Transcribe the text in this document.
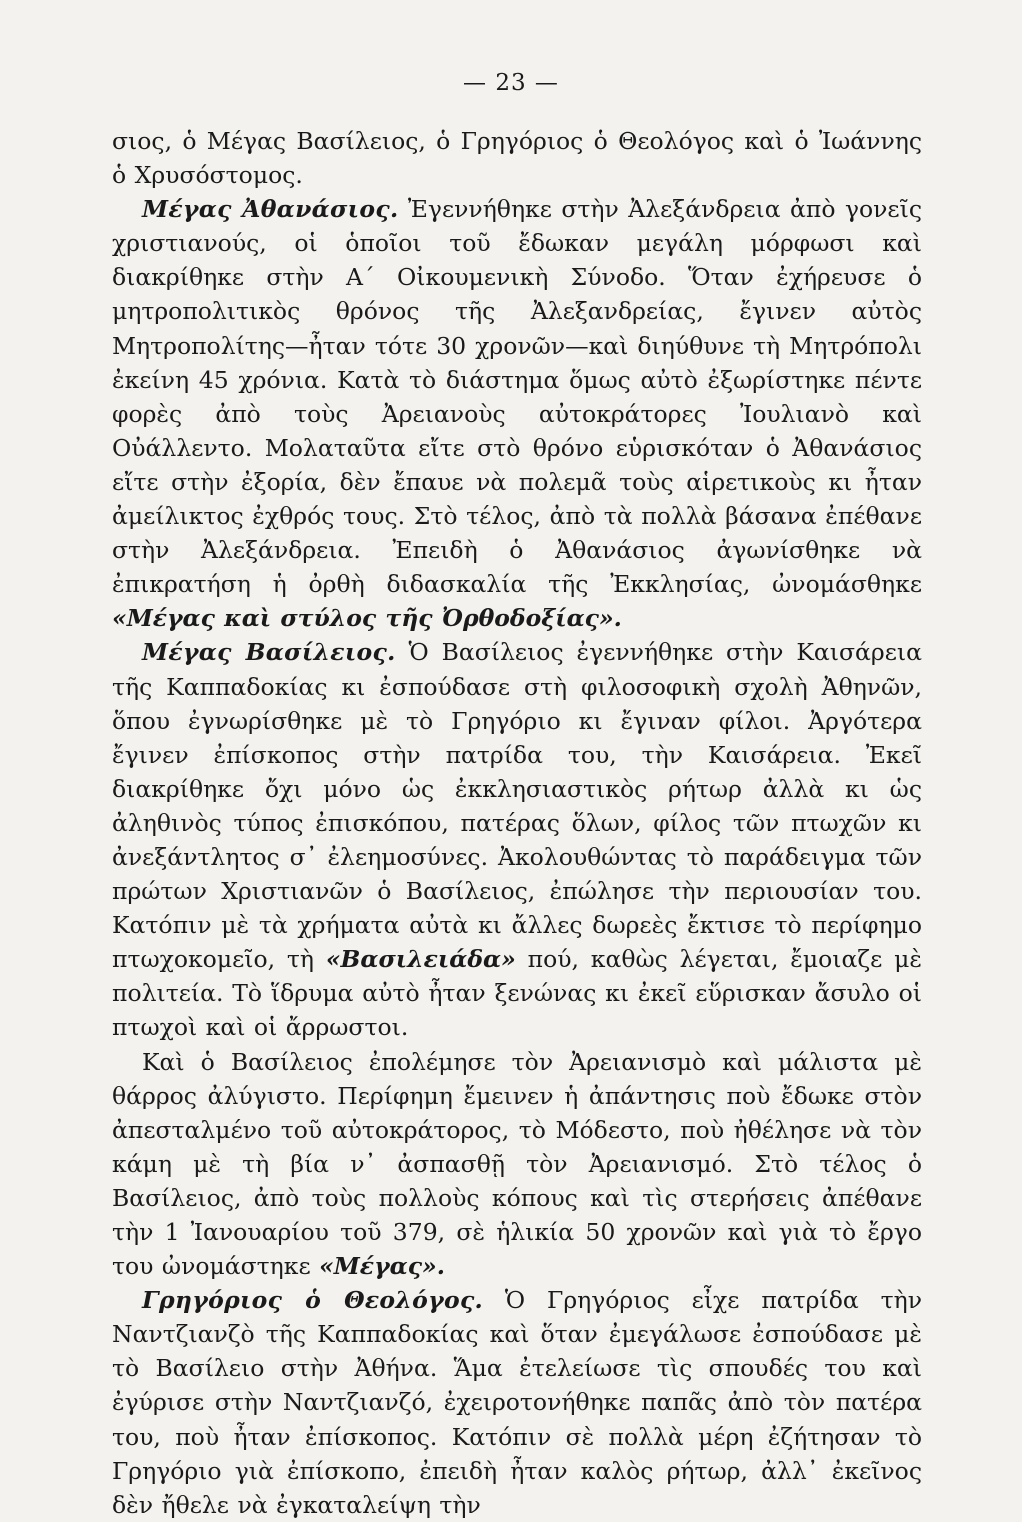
— 23 —

σιος, ὁ Μέγας Βασίλειος, ὁ Γρηγόριος ὁ Θεολόγος καὶ ὁ Ἰωάννης ὁ Χρυσόστομος.

Μέγας Ἀθανάσιος. Ἐγεννήθηκε στὴν Ἀλεξάνδρεια ἀπὸ γονεῖς χριστιανούς, οἱ ὁποῖοι τοῦ ἔδωκαν μεγάλη μόρφωσι καὶ διακρίθηκε στὴν Α΄ Οἰκουμενικὴ Σύνοδο. Ὅταν ἐχήρευσε ὁ μητροπολιτικὸς θρόνος τῆς Ἀλεξανδρείας, ἔγινεν αὐτὸς Μητροπολίτης—ἦταν τότε 30 χρονῶν—καὶ διηύθυνε τὴ Μητρόπολι ἐκείνη 45 χρόνια. Κατὰ τὸ διάστημα ὅμως αὐτὸ ἐξωρίστηκε πέντε φορὲς ἀπὸ τοὺς Ἀρειανοὺς αὐτοκράτορες Ἰουλιανὸ καὶ Οὐάλλεντο. Μολαταῦτα εἴτε στὸ θρόνο εὑρισκόταν ὁ Ἀθανάσιος εἴτε στὴν ἐξορία, δὲν ἔπαυε νὰ πολεμᾶ τοὺς αἱρετικοὺς κι ἦταν ἀμείλικτος ἐχθρός τους. Στὸ τέλος, ἀπὸ τὰ πολλὰ βάσανα ἐπέθανε στὴν Ἀλεξάνδρεια. Ἐπειδὴ ὁ Ἀθανάσιος ἀγωνίσθηκε νὰ ἐπικρατήση ἡ ὀρθὴ διδασκαλία τῆς Ἐκκλησίας, ὠνομάσθηκε «Μέγας καὶ στύλος τῆς Ὀρθοδοξίας».

Μέγας Βασίλειος. Ὁ Βασίλειος ἐγεννήθηκε στὴν Καισάρεια τῆς Καππαδοκίας κι ἐσπούδασε στὴ φιλοσοφικὴ σχολὴ Ἀθηνῶν, ὅπου ἐγνωρίσθηκε μὲ τὸ Γρηγόριο κι ἔγιναν φίλοι. Ἀργότερα ἔγινεν ἐπίσκοπος στὴν πατρίδα του, τὴν Καισάρεια. Ἐκεῖ διακρίθηκε ὄχι μόνο ὡς ἐκκλησιαστικὸς ρήτωρ ἀλλὰ κι ὡς ἀληθινὸς τύπος ἐπισκόπου, πατέρας ὅλων, φίλος τῶν πτωχῶν κι ἀνεξάντλητος σ᾿ ἐλεημοσύνες. Ἀκολουθώντας τὸ παράδειγμα τῶν πρώτων Χριστιανῶν ὁ Βασίλειος, ἐπώλησε τὴν περιουσίαν του. Κατόπιν μὲ τὰ χρήματα αὐτὰ κι ἄλλες δωρεὲς ἔκτισε τὸ περίφημο πτωχοκομεῖο, τὴ «Βασιλειάδα» πού, καθὼς λέγεται, ἔμοιαζε μὲ πολιτεία. Τὸ ἵδρυμα αὐτὸ ἦταν ξενώνας κι ἐκεῖ εὕρισκαν ἄσυλο οἱ πτωχοὶ καὶ οἱ ἄρρωστοι.

Καὶ ὁ Βασίλειος ἐπολέμησε τὸν Ἀρειανισμὸ καὶ μάλιστα μὲ θάρρος ἀλύγιστο. Περίφημη ἔμεινεν ἡ ἀπάντησις ποὺ ἔδωκε στὸν ἀπεσταλμένο τοῦ αὐτοκράτορος, τὸ Μόδεστο, ποὺ ἠθέλησε νὰ τὸν κάμη μὲ τὴ βία ν᾿ ἀσπασθῇ τὸν Ἀρειανισμό. Στὸ τέλος ὁ Βασίλειος, ἀπὸ τοὺς πολλοὺς κόπους καὶ τὶς στερήσεις ἀπέθανε τὴν 1 Ἰανουαρίου τοῦ 379, σὲ ἡλικία 50 χρονῶν καὶ γιὰ τὸ ἔργο του ὠνομάστηκε «Μέγας».

Γρηγόριος ὁ Θεολόγος. Ὁ Γρηγόριος εἶχε πατρίδα τὴν Ναντζιανζὸ τῆς Καππαδοκίας καὶ ὅταν ἐμεγάλωσε ἐσπούδασε μὲ τὸ Βασίλειο στὴν Ἀθήνα. Ἅμα ἐτελείωσε τὶς σπουδές του καὶ ἐγύρισε στὴν Ναντζιανζό, ἐχειροτονήθηκε παπᾶς ἀπὸ τὸν πατέρα του, ποὺ ἦταν ἐπίσκοπος. Κατόπιν σὲ πολλὰ μέρη ἐζήτησαν τὸ Γρηγόριο γιὰ ἐπίσκοπο, ἐπειδὴ ἦταν καλὸς ρήτωρ, ἀλλ᾿ ἐκεῖνος δὲν ἤθελε νὰ ἐγκαταλείψη τὴν
